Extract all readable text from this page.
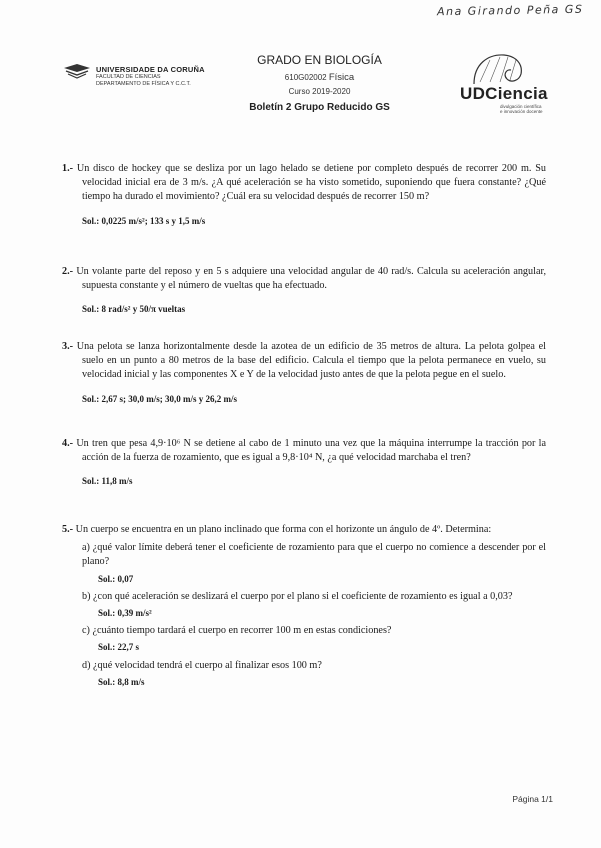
Ana Girando Peña GS
UNIVERSIDADE DA CORUÑA
FACULTAD DE CIENCIAS
DEPARTAMENTO DE FÍSICA Y C.C.T.
GRADO EN BIOLOGÍA
610G02002 Física
Curso 2019-2020
Boletín 2 Grupo Reducido GS
UDCiencia
divulgación científica
e innovación docente

1.- Un disco de hockey que se desliza por un lago helado se detiene por completo después de recorrer 200 m. Su velocidad inicial era de 3 m/s. ¿A qué aceleración se ha visto sometido, suponiendo que fuera constante? ¿Qué tiempo ha durado el movimiento? ¿Cuál era su velocidad después de recorrer 150 m?

Sol.: 0,0225 m/s²; 133 s y 1,5 m/s

2.- Un volante parte del reposo y en 5 s adquiere una velocidad angular de 40 rad/s. Calcula su aceleración angular, supuesta constante y el número de vueltas que ha efectuado.

Sol.: 8 rad/s² y 50/π vueltas

3.- Una pelota se lanza horizontalmente desde la azotea de un edificio de 35 metros de altura. La pelota golpea el suelo en un punto a 80 metros de la base del edificio. Calcula el tiempo que la pelota permanece en vuelo, su velocidad inicial y las componentes X e Y de la velocidad justo antes de que la pelota pegue en el suelo.

Sol.: 2,67 s; 30,0 m/s; 30,0 m/s y 26,2 m/s

4.- Un tren que pesa 4,9·10⁶ N se detiene al cabo de 1 minuto una vez que la máquina interrumpe la tracción por la acción de la fuerza de rozamiento, que es igual a 9,8·10⁴ N, ¿a qué velocidad marchaba el tren?

Sol.: 11,8 m/s

5.- Un cuerpo se encuentra en un plano inclinado que forma con el horizonte un ángulo de 4º. Determina:

a) ¿qué valor límite deberá tener el coeficiente de rozamiento para que el cuerpo no comience a descender por el plano?

Sol.: 0,07

b) ¿con qué aceleración se deslizará el cuerpo por el plano si el coeficiente de rozamiento es igual a 0,03?

Sol.: 0,39 m/s²

c) ¿cuánto tiempo tardará el cuerpo en recorrer 100 m en estas condiciones?

Sol.: 22,7 s

d) ¿qué velocidad tendrá el cuerpo al finalizar esos 100 m?

Sol.: 8,8 m/s
Página 1/1
